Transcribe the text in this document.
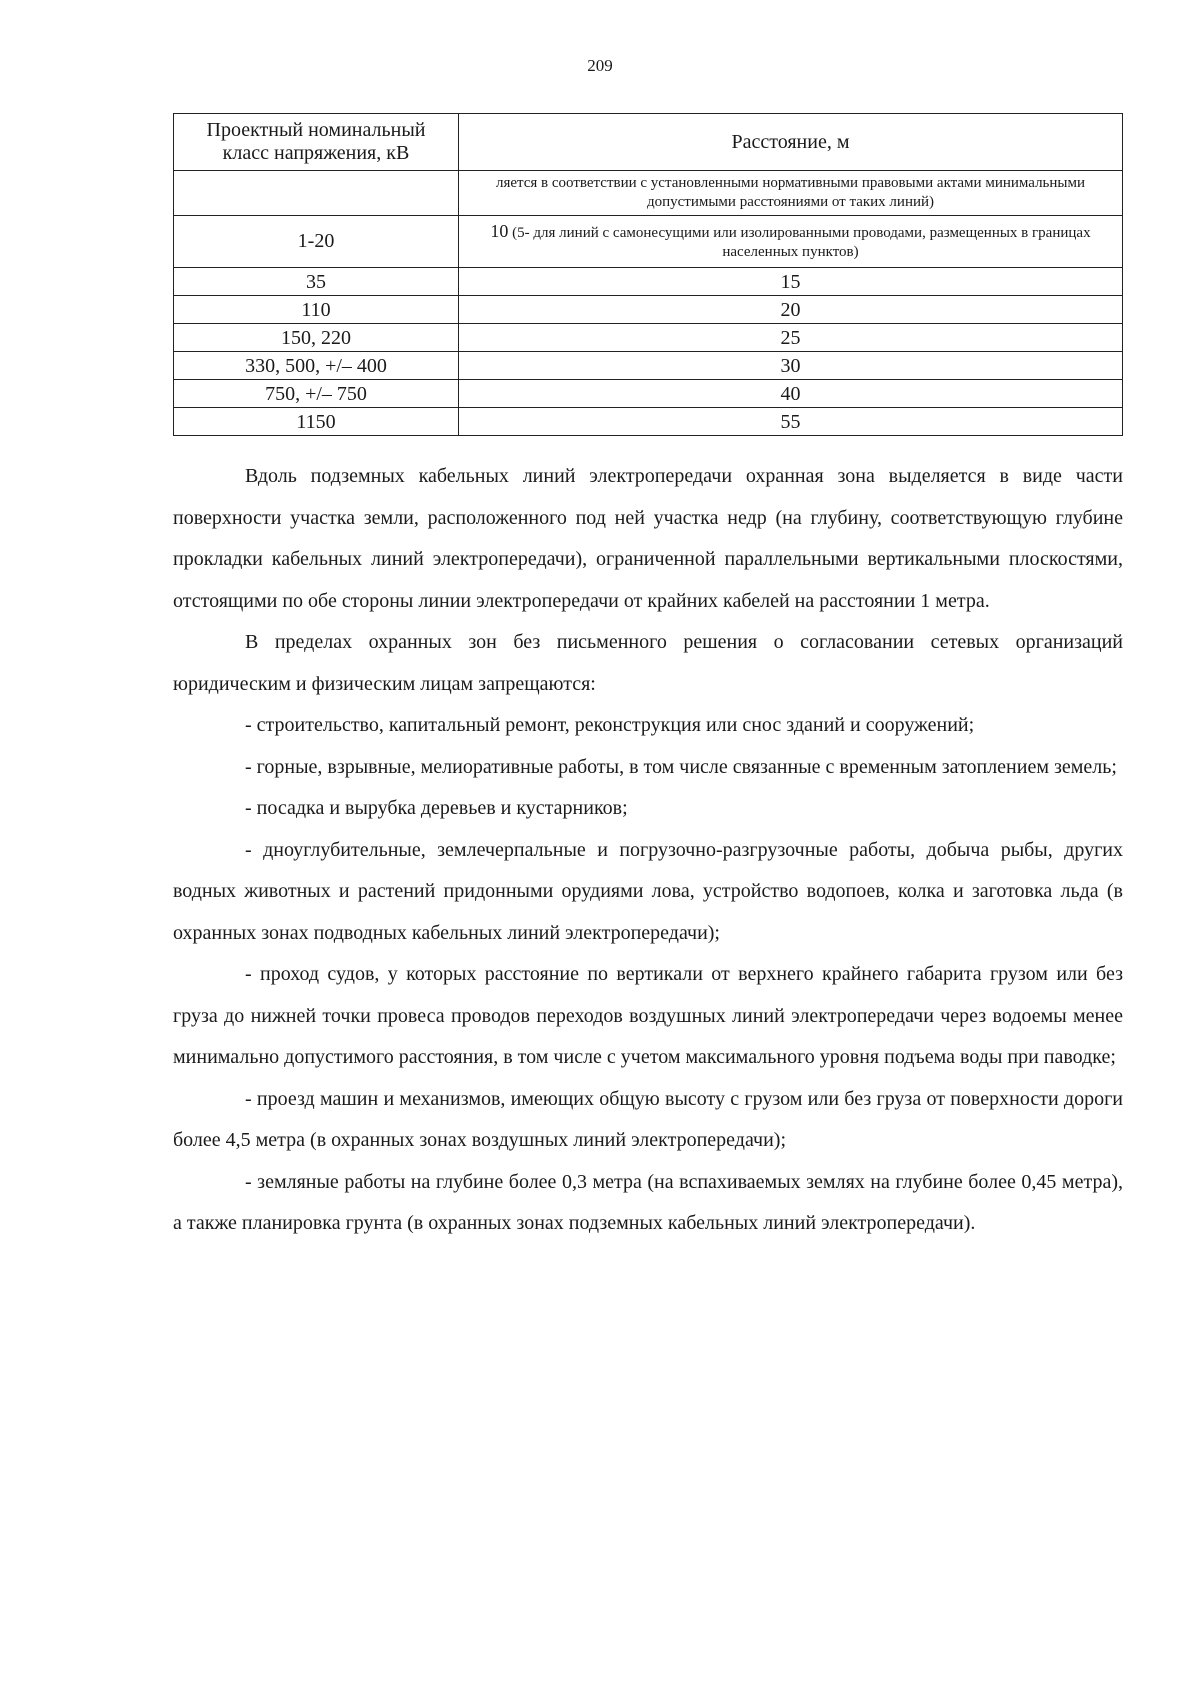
209
Проектный номинальный класс напряжения, кВ	Расстояние, м
	ляется в соответствии с установленными нормативными правовыми актами минимальными допустимыми расстояниями от таких линий)
1-20	10 (5- для линий с самонесущими или изолированными проводами, размещенных в границах населенных пунктов)
35	15
110	20
150, 220	25
330, 500, +/– 400	30
750, +/– 750	40
1150	55

Вдоль подземных кабельных линий электропередачи охранная зона выделяется в виде части поверхности участка земли, расположенного под ней участка недр (на глубину, соответствующую глубине прокладки кабельных линий электропередачи), ограниченной параллельными вертикальными плоскостями, отстоящими по обе стороны линии электропередачи от крайних кабелей на расстоянии 1 метра.

В пределах охранных зон без письменного решения о согласовании сетевых организаций юридическим и физическим лицам запрещаются:

- строительство, капитальный ремонт, реконструкция или снос зданий и сооружений;

- горные, взрывные, мелиоративные работы, в том числе связанные с временным затоплением земель;

- посадка и вырубка деревьев и кустарников;

- дноуглубительные, землечерпальные и погрузочно-разгрузочные работы, добыча рыбы, других водных животных и растений придонными орудиями лова, устройство водопоев, колка и заготовка льда (в охранных зонах подводных кабельных линий электропередачи);

- проход судов, у которых расстояние по вертикали от верхнего крайнего габарита грузом или без груза до нижней точки провеса проводов переходов воздушных линий электропередачи через водоемы менее минимально допустимого расстояния, в том числе с учетом максимального уровня подъема воды при паводке;

- проезд машин и механизмов, имеющих общую высоту с грузом или без груза от поверхности дороги более 4,5 метра (в охранных зонах воздушных линий электропередачи);

- земляные работы на глубине более 0,3 метра (на вспахиваемых землях на глубине более 0,45 метра), а также планировка грунта (в охранных зонах подземных кабельных линий электропередачи).
